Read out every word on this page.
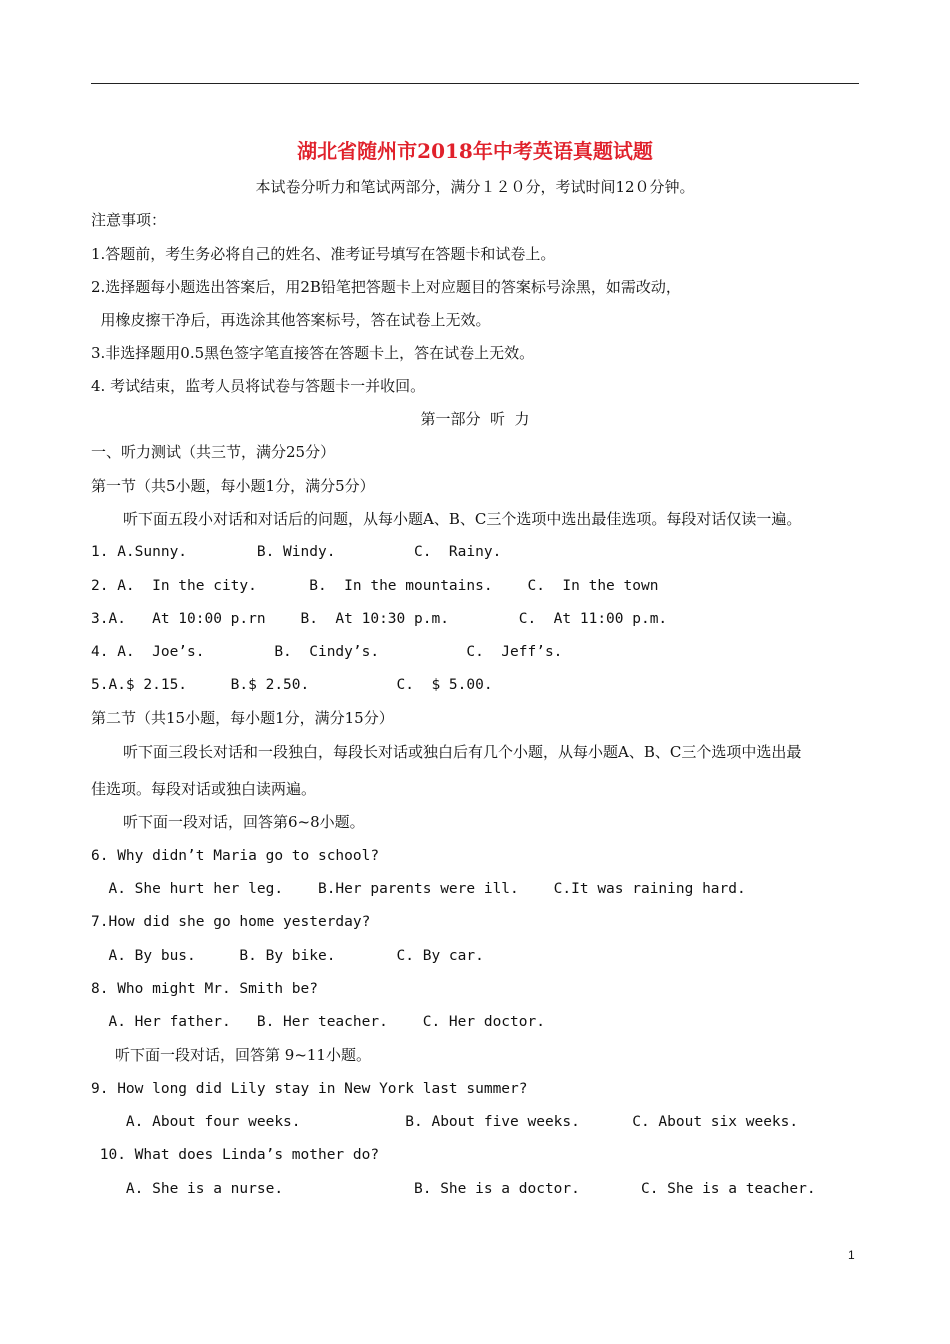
湖北省随州市2018年中考英语真题试题
本试卷分听力和笔试两部分，满分１２０分，考试时间12０分钟。
注意事项：
1.答题前，考生务必将自己的姓名、准考证号填写在答题卡和试卷上。
2.选择题每小题选出答案后，用2B铅笔把答题卡上对应题目的答案标号涂黑，如需改动，
用橡皮擦干净后，再选涂其他答案标号，答在试卷上无效。
3.非选择题用0.5黑色签字笔直接答在答题卡上，答在试卷上无效。
4. 考试结束，监考人员将试卷与答题卡一并收回。
第一部分  听  力
一、听力测试（共三节，满分25分）
第一节（共5小题，每小题1分，满分5分）
听下面五段小对话和对话后的问题，从每小题A、B、C三个选项中选出最佳选项。每段对话仅读一遍。
1. A.Sunny.        B. Windy.         C.  Rainy.
2. A.  In the city.      B.  In the mountains.    C.  In the town
3.A.   At 10:00 p.rn    B.  At 10:30 p.m.        C.  At 11:00 p.m.
4. A.  Joe’s.        B.  Cindy’s.          C.  Jeff’s.
5.A.$ 2.15.     B.$ 2.50.          C.  $ 5.00.
第二节（共15小题，每小题1分，满分15分）
听下面三段长对话和一段独白，每段长对话或独白后有几个小题，从每小题A、B、C三个选项中选出最
佳选项。每段对话或独白读两遍。
听下面一段对话，回答第6~8小题。
6. Why didn’t Maria go to school?
A. She hurt her leg.    B.Her parents were ill.    C.It was raining hard.
7.How did she go home yesterday?
A. By bus.     B. By bike.       C. By car.
8. Who might Mr. Smith be?
A. Her father.   B. Her teacher.    C. Her doctor.
听下面一段对话，回答第 9~11小题。
9. How long did Lily stay in New York last summer?
A. About four weeks.            B. About five weeks.      C. About six weeks.
10. What does Linda’s mother do?
A. She is a nurse.               B. She is a doctor.       C. She is a teacher.
1
